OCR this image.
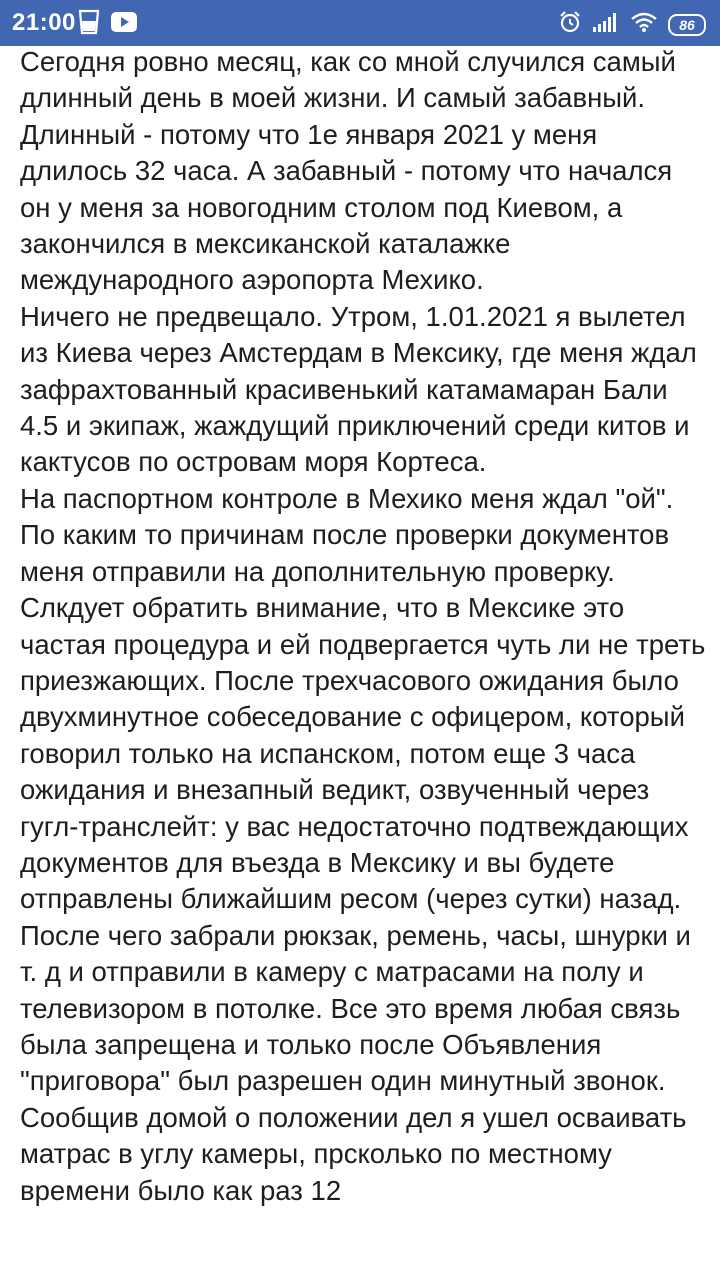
21:00	86

Сегодня ровно месяц, как со мной случился самый длинный день в моей жизни. И самый забавный. Длинный - потому что 1е января 2021 у меня длилось 32 часа. А забавный - потому что начался он у меня за новогодним столом под Киевом, а закончился в мексиканской каталажке международного аэропорта Мехико.

Ничего не предвещало. Утром, 1.01.2021 я вылетел из Киева через Амстердам в Мексику, где меня ждал зафрахтованный красивенький катамамаран Бали 4.5 и экипаж, жаждущий приключений среди китов и кактусов по островам моря Кортеса.

На паспортном контроле в Мехико меня ждал "ой". По каким то причинам после проверки документов меня отправили на дополнительную проверку. Слкдует обратить внимание, что в Мексике это частая процедура и ей подвергается чуть ли не треть приезжающих. После трехчасового ожидания было двухминутное собеседование с офицером, который говорил только на испанском, потом еще 3 часа ожидания и внезапный ведикт, озвученный через гугл-транслейт: у вас недостаточно подтвеждающих документов для въезда в Мексику и вы будете отправлены ближайшим ресом (через сутки) назад. После чего забрали рюкзак, ремень, часы, шнурки и т. д и отправили в камеру с матрасами на полу и телевизором в потолке. Все это время любая связь была запрещена и только после Объявления "приговора" был разрешен один минутный звонок. Сообщив домой о положении дел я ушел осваивать матрас в углу камеры, прсколько по местному времени было как раз 12
